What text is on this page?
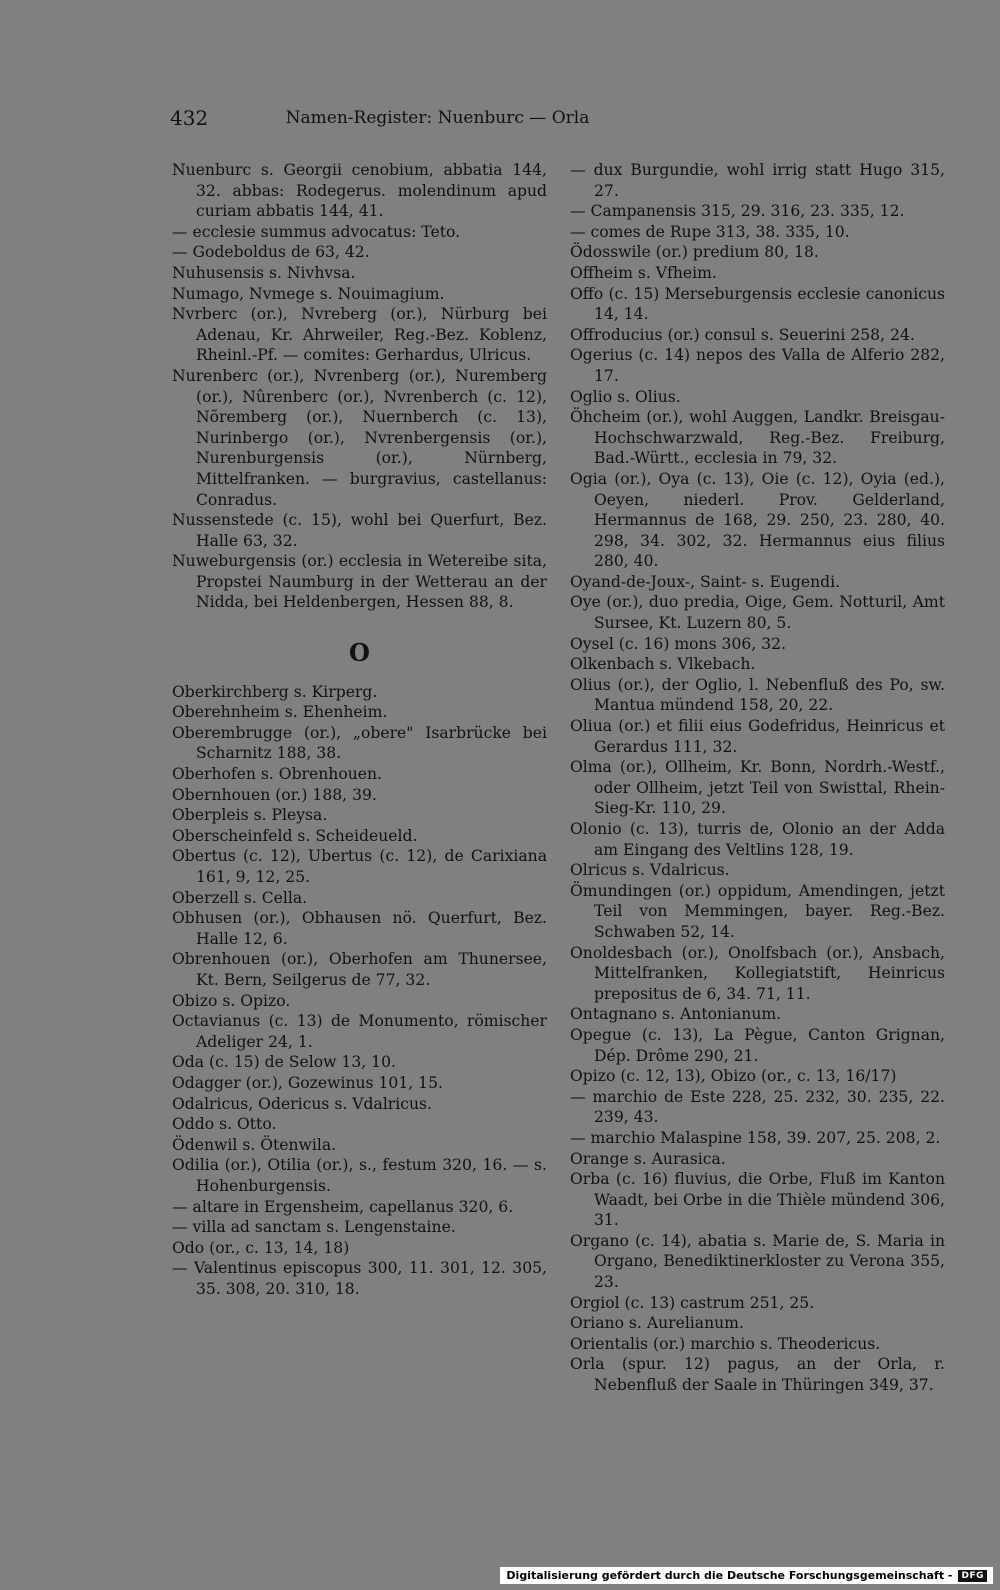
432	Namen-Register: Nuenburc — Orla

Nuenburc s. Georgii cenobium, abbatia 144, 32. abbas: Rodegerus. molendinum apud curiam abbatis 144, 41.

— ecclesie summus advocatus: Teto.

— Godeboldus de 63, 42.

Nuhusensis s. Nivhvsa.

Numago, Nvmege s. Nouimagium.

Nvrberc (or.), Nvreberg (or.), Nürburg bei Adenau, Kr. Ahrweiler, Reg.-Bez. Koblenz, Rheinl.-Pf. — comites: Gerhardus, Ulricus.

Nurenberc (or.), Nvrenberg (or.), Nuremberg (or.), Nûrenberc (or.), Nvrenberch (c. 12), Nõremberg (or.), Nuernberch (c. 13), Nurinbergo (or.), Nvrenbergensis (or.), Nurenburgensis (or.), Nürnberg, Mittelfranken. — burgravius, castellanus: Conradus.

Nussenstede (c. 15), wohl bei Querfurt, Bez. Halle 63, 32.

Nuweburgensis (or.) ecclesia in Wetereibe sita, Propstei Naumburg in der Wetterau an der Nidda, bei Heldenbergen, Hessen 88, 8.

O

Oberkirchberg s. Kirperg.

Oberehnheim s. Ehenheim.

Oberembrugge (or.), „obere" Isarbrücke bei Scharnitz 188, 38.

Oberhofen s. Obrenhouen.

Obernhouen (or.) 188, 39.

Oberpleis s. Pleysa.

Oberscheinfeld s. Scheideueld.

Obertus (c. 12), Ubertus (c. 12), de Carixiana 161, 9, 12, 25.

Oberzell s. Cella.

Obhusen (or.), Obhausen nö. Querfurt, Bez. Halle 12, 6.

Obrenhouen (or.), Oberhofen am Thunersee, Kt. Bern, Seilgerus de 77, 32.

Obizo s. Opizo.

Octavianus (c. 13) de Monumento, römischer Adeliger 24, 1.

Oda (c. 15) de Selow 13, 10.

Odagger (or.), Gozewinus 101, 15.

Odalricus, Odericus s. Vdalricus.

Oddo s. Otto.

Ödenwil s. Ötenwila.

Odilia (or.), Otilia (or.), s., festum 320, 16. — s. Hohenburgensis.

— altare in Ergensheim, capellanus 320, 6.

— villa ad sanctam s. Lengenstaine.

Odo (or., c. 13, 14, 18)

— Valentinus episcopus 300, 11. 301, 12. 305, 35. 308, 20. 310, 18.

— dux Burgundie, wohl irrig statt Hugo 315, 27.

— Campanensis 315, 29. 316, 23. 335, 12.

— comes de Rupe 313, 38. 335, 10.

Ödosswile (or.) predium 80, 18.

Offheim s. Vfheim.

Offo (c. 15) Merseburgensis ecclesie canonicus 14, 14.

Offroducius (or.) consul s. Seuerini 258, 24.

Ogerius (c. 14) nepos des Valla de Alferio 282, 17.

Oglio s. Olius.

Öhcheim (or.), wohl Auggen, Landkr. Breisgau-Hochschwarzwald, Reg.-Bez. Freiburg, Bad.-Württ., ecclesia in 79, 32.

Ogia (or.), Oya (c. 13), Oie (c. 12), Oyia (ed.), Oeyen, niederl. Prov. Gelderland, Hermannus de 168, 29. 250, 23. 280, 40. 298, 34. 302, 32. Hermannus eius filius 280, 40.

Oyand-de-Joux-, Saint- s. Eugendi.

Oye (or.), duo predia, Oige, Gem. Notturil, Amt Sursee, Kt. Luzern 80, 5.

Oysel (c. 16) mons 306, 32.

Olkenbach s. Vlkebach.

Olius (or.), der Oglio, l. Nebenfluß des Po, sw. Mantua mündend 158, 20, 22.

Oliua (or.) et filii eius Godefridus, Heinricus et Gerardus 111, 32.

Olma (or.), Ollheim, Kr. Bonn, Nordrh.-Westf., oder Ollheim, jetzt Teil von Swisttal, Rhein-Sieg-Kr. 110, 29.

Olonio (c. 13), turris de, Olonio an der Adda am Eingang des Veltlins 128, 19.

Olricus s. Vdalricus.

Ömundingen (or.) oppidum, Amendingen, jetzt Teil von Memmingen, bayer. Reg.-Bez. Schwaben 52, 14.

Onoldesbach (or.), Onolfsbach (or.), Ansbach, Mittelfranken, Kollegiatstift, Heinricus prepositus de 6, 34. 71, 11.

Ontagnano s. Antonianum.

Opegue (c. 13), La Pègue, Canton Grignan, Dép. Drôme 290, 21.

Opizo (c. 12, 13), Obizo (or., c. 13, 16/17)

— marchio de Este 228, 25. 232, 30. 235, 22. 239, 43.

— marchio Malaspine 158, 39. 207, 25. 208, 2.

Orange s. Aurasica.

Orba (c. 16) fluvius, die Orbe, Fluß im Kanton Waadt, bei Orbe in die Thièle mündend 306, 31.

Organo (c. 14), abatia s. Marie de, S. Maria in Organo, Benediktinerkloster zu Verona 355, 23.

Orgiol (c. 13) castrum 251, 25.

Oriano s. Aurelianum.

Orientalis (or.) marchio s. Theodericus.

Orla (spur. 12) pagus, an der Orla, r. Nebenfluß der Saale in Thüringen 349, 37.

Digitalisierung gefördert durch die Deutsche Forschungsgemeinschaft -	DFG
